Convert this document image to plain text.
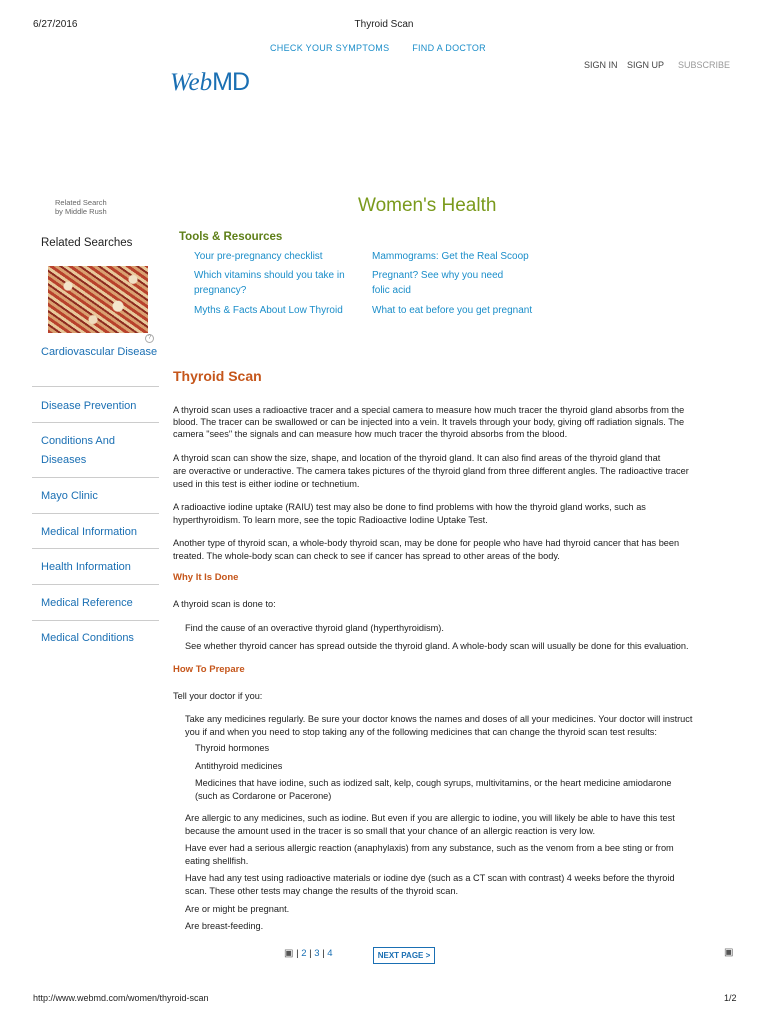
6/27/2016	Thyroid Scan
CHECK YOUR SYMPTOMS	FIND A DOCTOR
WebMD
SIGN IN SIGN UP SUBSCRIBE
Related Search
by Middle Rush	Women's Health
Tools & Resources
Your pre-pregnancy checklist
Which vitamins should you take in pregnancy?
Myths & Facts About Low Thyroid
Mammograms: Get the Real Scoop
Pregnant? See why you need folic acid
What to eat before you get pregnant
Related Searches
?
Cardiovascular Disease
Disease Prevention
Conditions And Diseases
Mayo Clinic
Medical Information
Health Information
Medical Reference
Medical Conditions
Thyroid Scan
A thyroid scan uses a radioactive tracer and a special camera to measure how much tracer the thyroid gland absorbs from the
blood. The tracer can be swallowed or can be injected into a vein. It travels through your body, giving off radiation signals. The
camera "sees" the signals and can measure how much tracer the thyroid absorbs from the blood.
A thyroid scan can show the size, shape, and location of the thyroid gland. It can also find areas of the thyroid gland that
are overactive or underactive. The camera takes pictures of the thyroid gland from three different angles. The radioactive tracer
used in this test is either iodine or technetium.
A radioactive iodine uptake (RAIU) test may also be done to find problems with how the thyroid gland works, such as
hyperthyroidism. To learn more, see the topic Radioactive Iodine Uptake Test.
Another type of thyroid scan, a whole-body thyroid scan, may be done for people who have had thyroid cancer that has been
treated. The whole-body scan can check to see if cancer has spread to other areas of the body.
Why It Is Done
A thyroid scan is done to:
Find the cause of an overactive thyroid gland (hyperthyroidism).
See whether thyroid cancer has spread outside the thyroid gland. A whole-body scan will usually be done for this evaluation.
How To Prepare
Tell your doctor if you:
Take any medicines regularly. Be sure your doctor knows the names and doses of all your medicines. Your doctor will instruct
you if and when you need to stop taking any of the following medicines that can change the thyroid scan test results:
Thyroid hormones
Antithyroid medicines
Medicines that have iodine, such as iodized salt, kelp, cough syrups, multivitamins, or the heart medicine amiodarone
(such as Cordarone or Pacerone)
Are allergic to any medicines, such as iodine. But even if you are allergic to iodine, you will likely be able to have this test
because the amount used in the tracer is so small that your chance of an allergic reaction is very low.
Have ever had a serious allergic reaction (anaphylaxis) from any substance, such as the venom from a bee sting or from
eating shellfish.
Have had any test using radioactive materials or iodine dye (such as a CT scan with contrast) 4 weeks before the thyroid
scan. These other tests may change the results of the thyroid scan.
Are or might be pregnant.
Are breast-feeding.
▣ | 2 | 3 | 4	NEXT PAGE >	▣
http://www.webmd.com/women/thyroid-scan	1/2
